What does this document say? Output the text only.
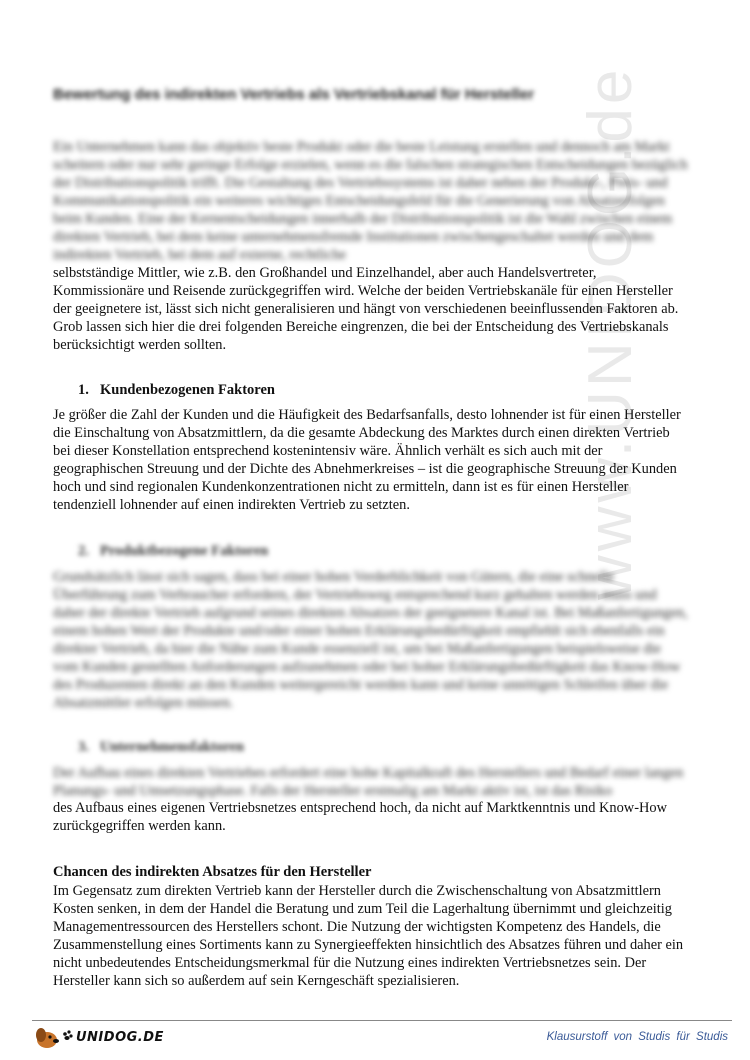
www.UNIDOG.de
Bewertung des indirekten Vertriebs als Vertriebskanal für Hersteller

Ein Unternehmen kann das objektiv beste Produkt oder die beste Leistung erstellen und dennoch am Markt scheitern oder nur sehr geringe Erfolge erzielen, wenn es die falschen strategischen Entscheidungen bezüglich der Distributionspolitik trifft. Die Gestaltung des Vertriebssystems ist daher neben der Produkt-, Preis- und Kommunikationspolitik ein weiteres wichtiges Entscheidungsfeld für die Generierung von Absatzerfolgen beim Kunden. Eine der Kernentscheidungen innerhalb der Distributionspolitik ist die Wahl zwischen einem direkten Vertrieb, bei dem keine unternehmensfremde Institutionen zwischengeschaltet werden und dem indirekten Vertrieb, bei dem auf externe, rechtliche

selbstständige Mittler, wie z.B. den Großhandel und Einzelhandel, aber auch Handelsvertreter, Kommissionäre und Reisende zurückgegriffen wird. Welche der beiden Vertriebskanäle für einen Hersteller der geeignetere ist, lässt sich nicht generalisieren und hängt von verschiedenen beeinflussenden Faktoren ab. Grob lassen sich hier die drei folgenden Bereiche eingrenzen, die bei der Entscheidung des Vertriebskanals berücksichtigt werden sollten.

1. Kundenbezogenen Faktoren

Je größer die Zahl der Kunden und die Häufigkeit des Bedarfsanfalls, desto lohnender ist für einen Hersteller die Einschaltung von Absatzmittlern, da die gesamte Abdeckung des Marktes durch einen direkten Vertrieb bei dieser Konstellation entsprechend kostenintensiv wäre. Ähnlich verhält es sich auch mit der geographischen Streuung und der Dichte des Abnehmerkreises – ist die geographische Streuung der Kunden hoch und sind regionalen Kundenkonzentrationen nicht zu ermitteln, dann ist es für einen Hersteller tendenziell lohnender auf einen indirekten Vertrieb zu setzten.

2. Produktbezogene Faktoren

Grundsätzlich lässt sich sagen, dass bei einer hohen Verderblichkeit von Gütern, die eine schnelle Überführung zum Verbraucher erfordern, der Vertriebsweg entsprechend kurz gehalten werden muss und daher der direkte Vertrieb aufgrund seines direkten Absatzes der geeignetere Kanal ist. Bei Maßanfertigungen, einem hohen Wert der Produkte und/oder einer hohen Erklärungsbedürftigkeit empfiehlt sich ebenfalls ein direkter Vertrieb, da hier die Nähe zum Kunde essenziell ist, um bei Maßanfertigungen beispielsweise die vom Kunden gestellten Anforderungen aufzunehmen oder bei hoher Erklärungsbedürftigkeit das Know-How des Produzenten direkt an den Kunden weitergereicht werden kann und keine unnötigen Schleifen über die Absatzmittler erfolgen müssen.

3. Unternehmensfaktoren

Der Aufbau eines direkten Vertriebes erfordert eine hohe Kapitalkraft des Herstellers und Bedarf einer langen Planungs- und Umsetzungsphase. Falls der Hersteller erstmalig am Markt aktiv ist, ist das Risiko

des Aufbaus eines eigenen Vertriebsnetzes entsprechend hoch, da nicht auf Marktkenntnis und Know-How zurückgegriffen werden kann.

Chancen des indirekten Absatzes für den Hersteller

Im Gegensatz zum direkten Vertrieb kann der Hersteller durch die Zwischenschaltung von Absatzmittlern Kosten senken, in dem der Handel die Beratung und zum Teil die Lagerhaltung übernimmt und gleichzeitig Managementressourcen des Herstellers schont. Die Nutzung der wichtigsten Kompetenz des Handels, die Zusammenstellung eines Sortiments kann zu Synergieeffekten hinsichtlich des Absatzes führen und daher ein nicht unbedeutendes Entscheidungsmerkmal für die Nutzung eines indirekten Vertriebsnetzes sein. Der Hersteller kann sich so außerdem auf sein Kerngeschäft spezialisieren.

UNIDOG.DE	Klausurstoff von Studis für Studis
